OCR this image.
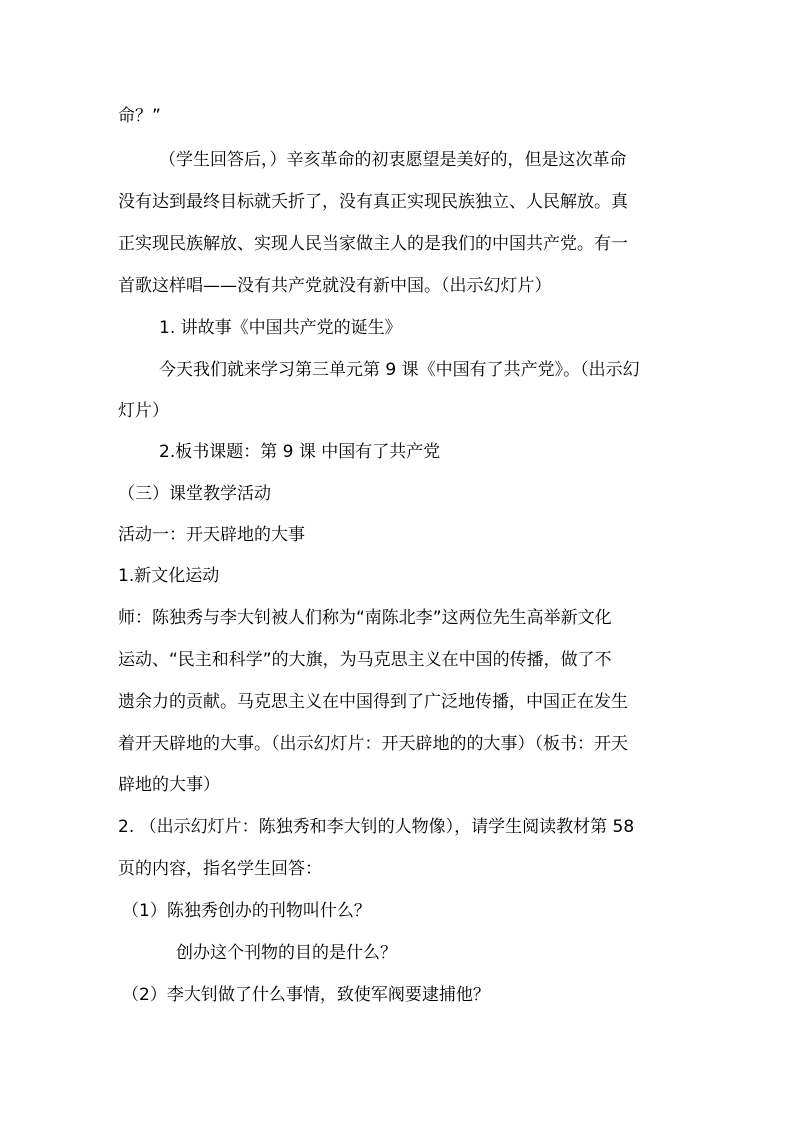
命？”
（学生回答后，）辛亥革命的初衷愿望是美好的，但是这次革命
没有达到最终目标就夭折了，没有真正实现民族独立、人民解放。真
正实现民族解放、实现人民当家做主人的是我们的中国共产党。有一
首歌这样唱——没有共产党就没有新中国。（出示幻灯片）
1. 讲故事《中国共产党的诞生》
今天我们就来学习第三单元第 9 课《中国有了共产党》。（出示幻
灯片）
2.板书课题：第 9 课 中国有了共产党
（三）课堂教学活动
活动一：开天辟地的大事
1.新文化运动
师：陈独秀与李大钊被人们称为“南陈北李”这两位先生高举新文化
运动、“民主和科学”的大旗，为马克思主义在中国的传播，做了不
遗余力的贡献。马克思主义在中国得到了广泛地传播，中国正在发生
着开天辟地的大事。（出示幻灯片：开天辟地的的大事）（板书：开天
辟地的大事）
2. （出示幻灯片：陈独秀和李大钊的人物像），请学生阅读教材第 58
页的内容，指名学生回答：
（1）陈独秀创办的刊物叫什么？
创办这个刊物的目的是什么？
（2）李大钊做了什么事情，致使军阀要逮捕他？
